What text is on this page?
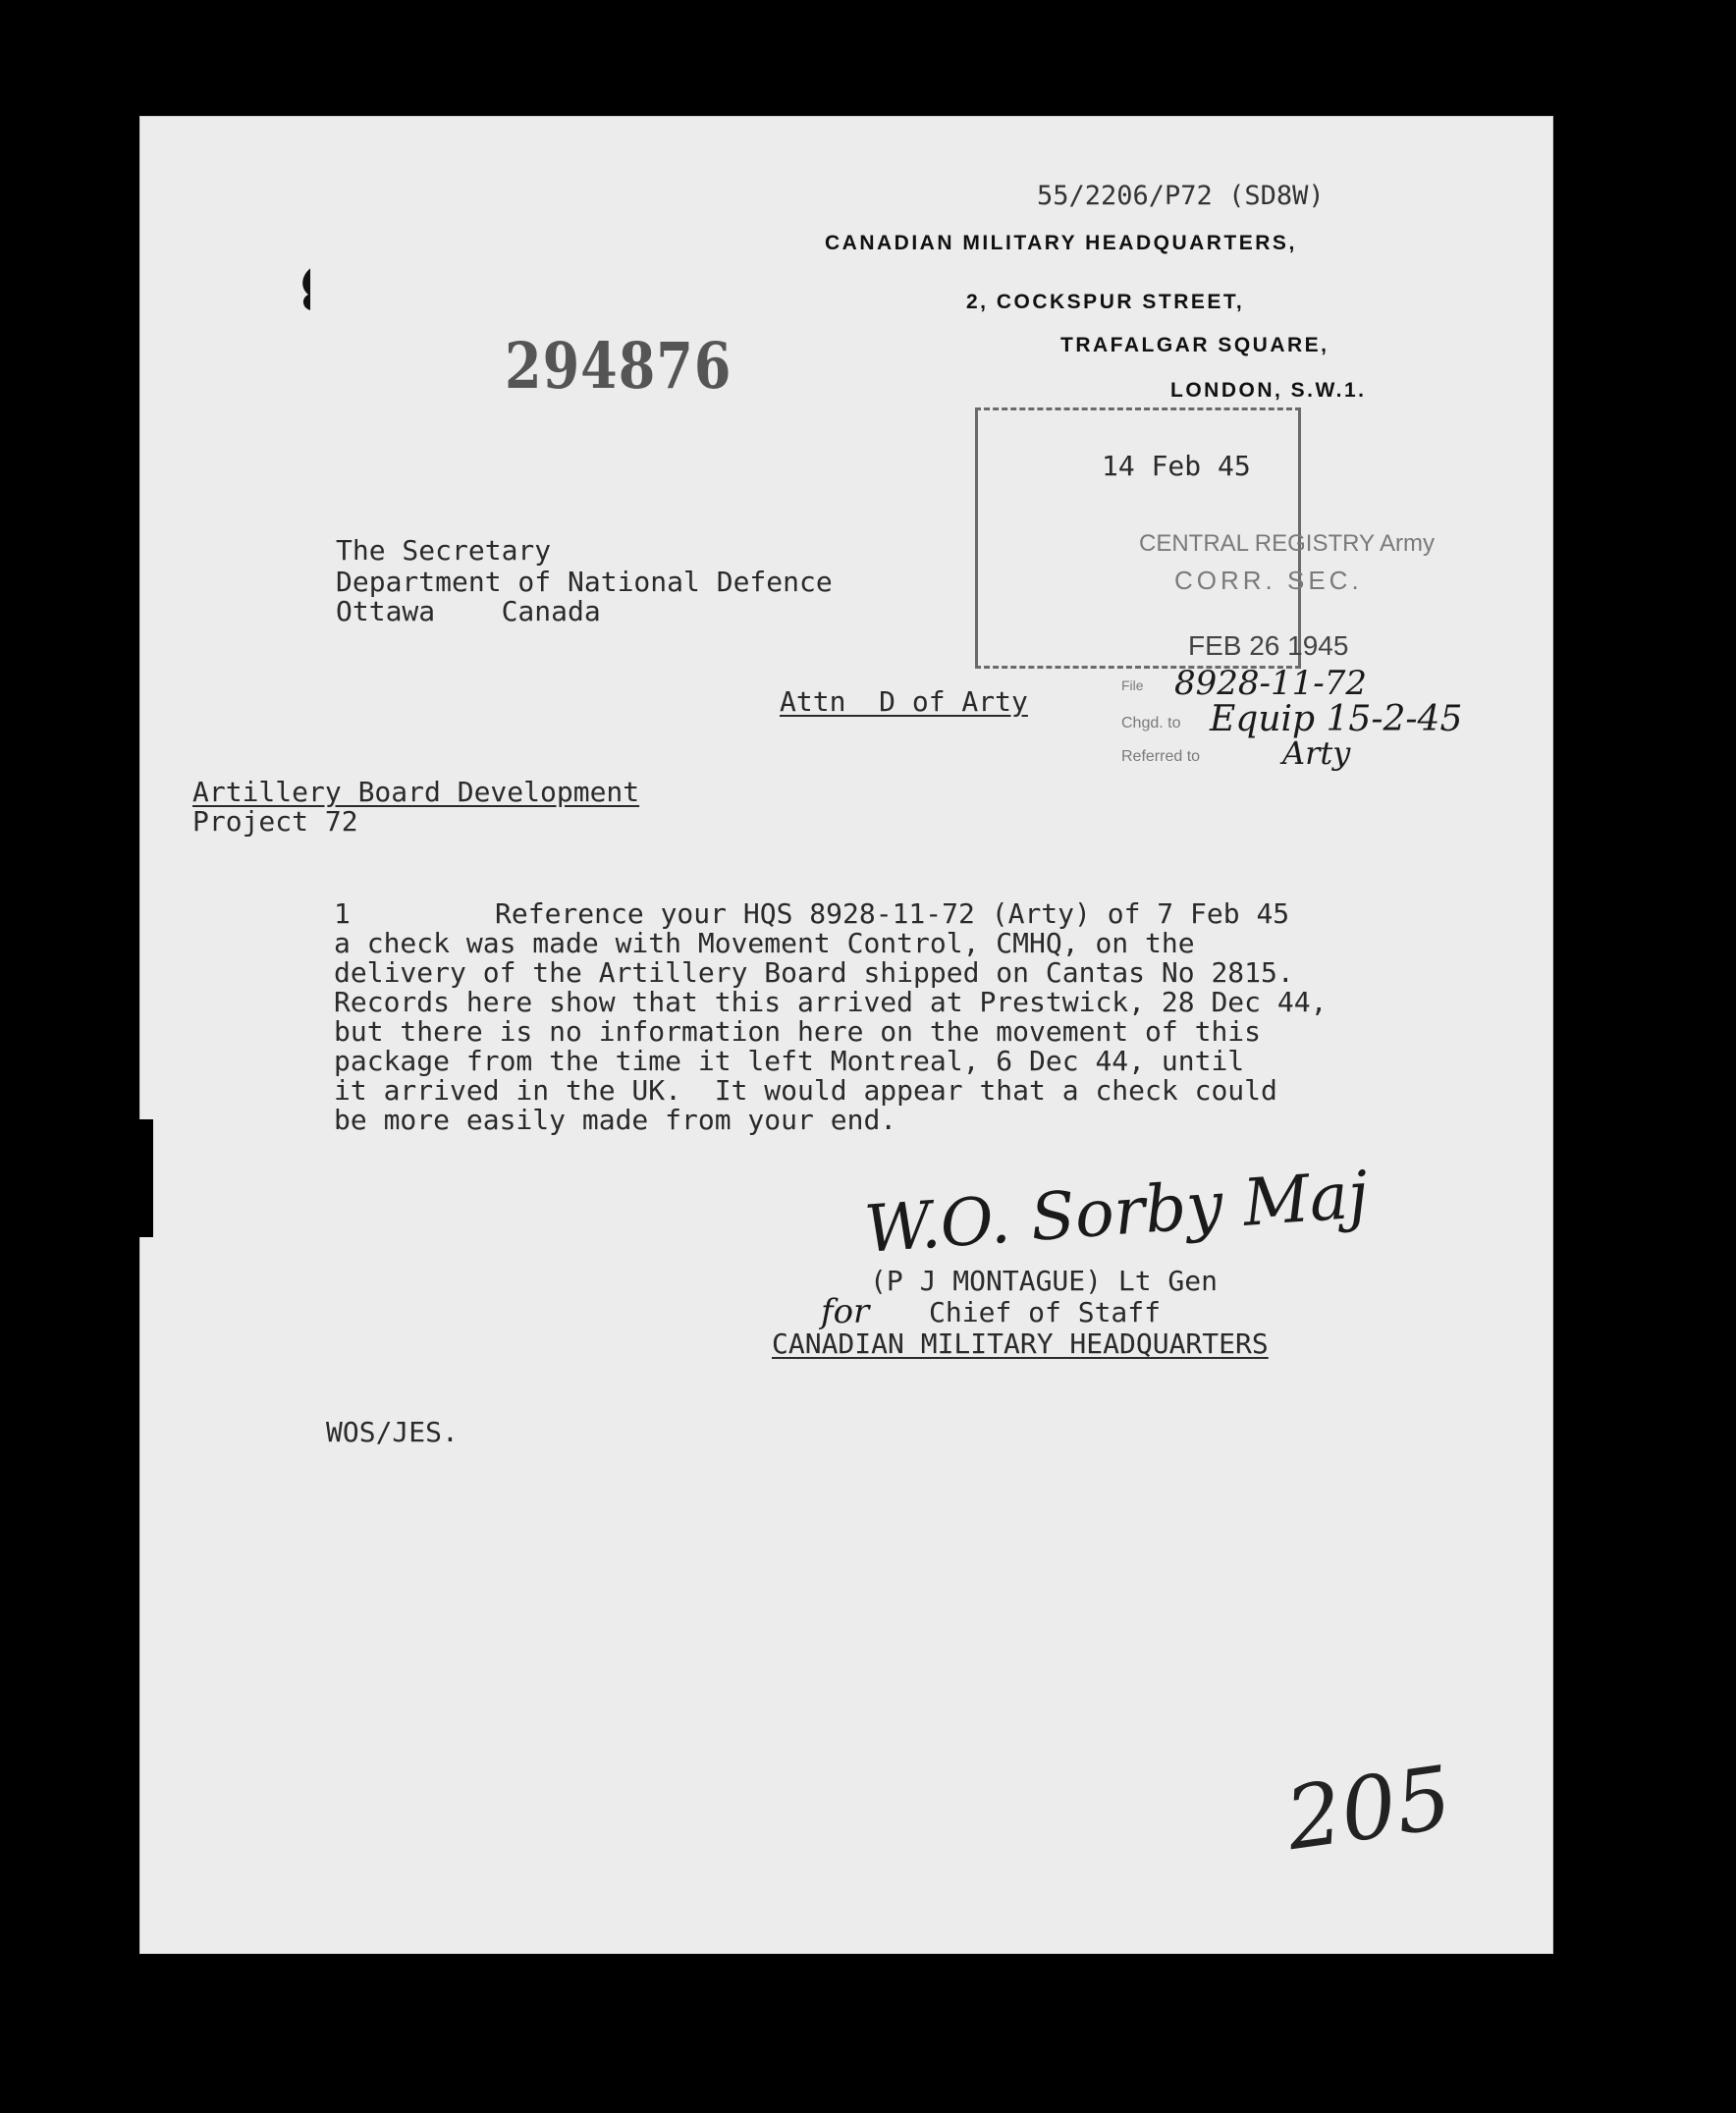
55/2206/P72 (SD8W)
CANADIAN MILITARY HEADQUARTERS,
2, COCKSPUR STREET,
TRAFALGAR SQUARE,
LONDON, S.W.1.
294876
14 Feb 45
The Secretary
Department of National Defence
Ottawa    Canada
Attn  D of Arty
CENTRAL REGISTRY Army
CORR. SEC.
FEB 26 1945
File 8928-11-72
Chgd. to Equip 15-2-45
Referred to	Arty
Artillery Board Development
Project 72
1	Reference your HQS 8928-11-72 (Arty) of 7 Feb 45
a check was made with Movement Control, CMHQ, on the
delivery of the Artillery Board shipped on Cantas No 2815.
Records here show that this arrived at Prestwick, 28 Dec 44,
but there is no information here on the movement of this
package from the time it left Montreal, 6 Dec 44, until
it arrived in the UK.  It would appear that a check could
be more easily made from your end.
W.O. Sorby Maj
(P J MONTAGUE) Lt Gen
for Chief of Staff
CANADIAN MILITARY HEADQUARTERS
WOS/JES.
205
